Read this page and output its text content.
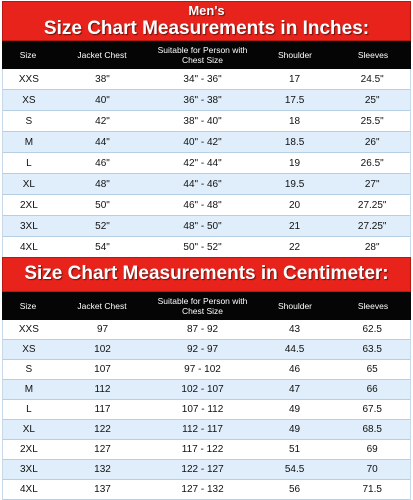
Men's
Size Chart Measurements in Inches:
Size	Jacket Chest	Suitable for Person with Chest Size	Shoulder	Sleeves
XXS	38"	34" - 36"	17	24.5"
XS	40"	36" - 38"	17.5	25"
S	42"	38" - 40"	18	25.5"
M	44"	40" - 42"	18.5	26"
L	46"	42" - 44"	19	26.5"
XL	48"	44" - 46"	19.5	27"
2XL	50"	46" - 48"	20	27.25"
3XL	52"	48" - 50"	21	27.25"
4XL	54"	50" - 52"	22	28"
Size Chart Measurements in Centimeter:
Size	Jacket Chest	Suitable for Person with Chest Size	Shoulder	Sleeves
XXS	97	87 - 92	43	62.5
XS	102	92 - 97	44.5	63.5
S	107	97 - 102	46	65
M	112	102 - 107	47	66
L	117	107 - 112	49	67.5
XL	122	112 - 117	49	68.5
2XL	127	117 - 122	51	69
3XL	132	122 - 127	54.5	70
4XL	137	127 - 132	56	71.5
